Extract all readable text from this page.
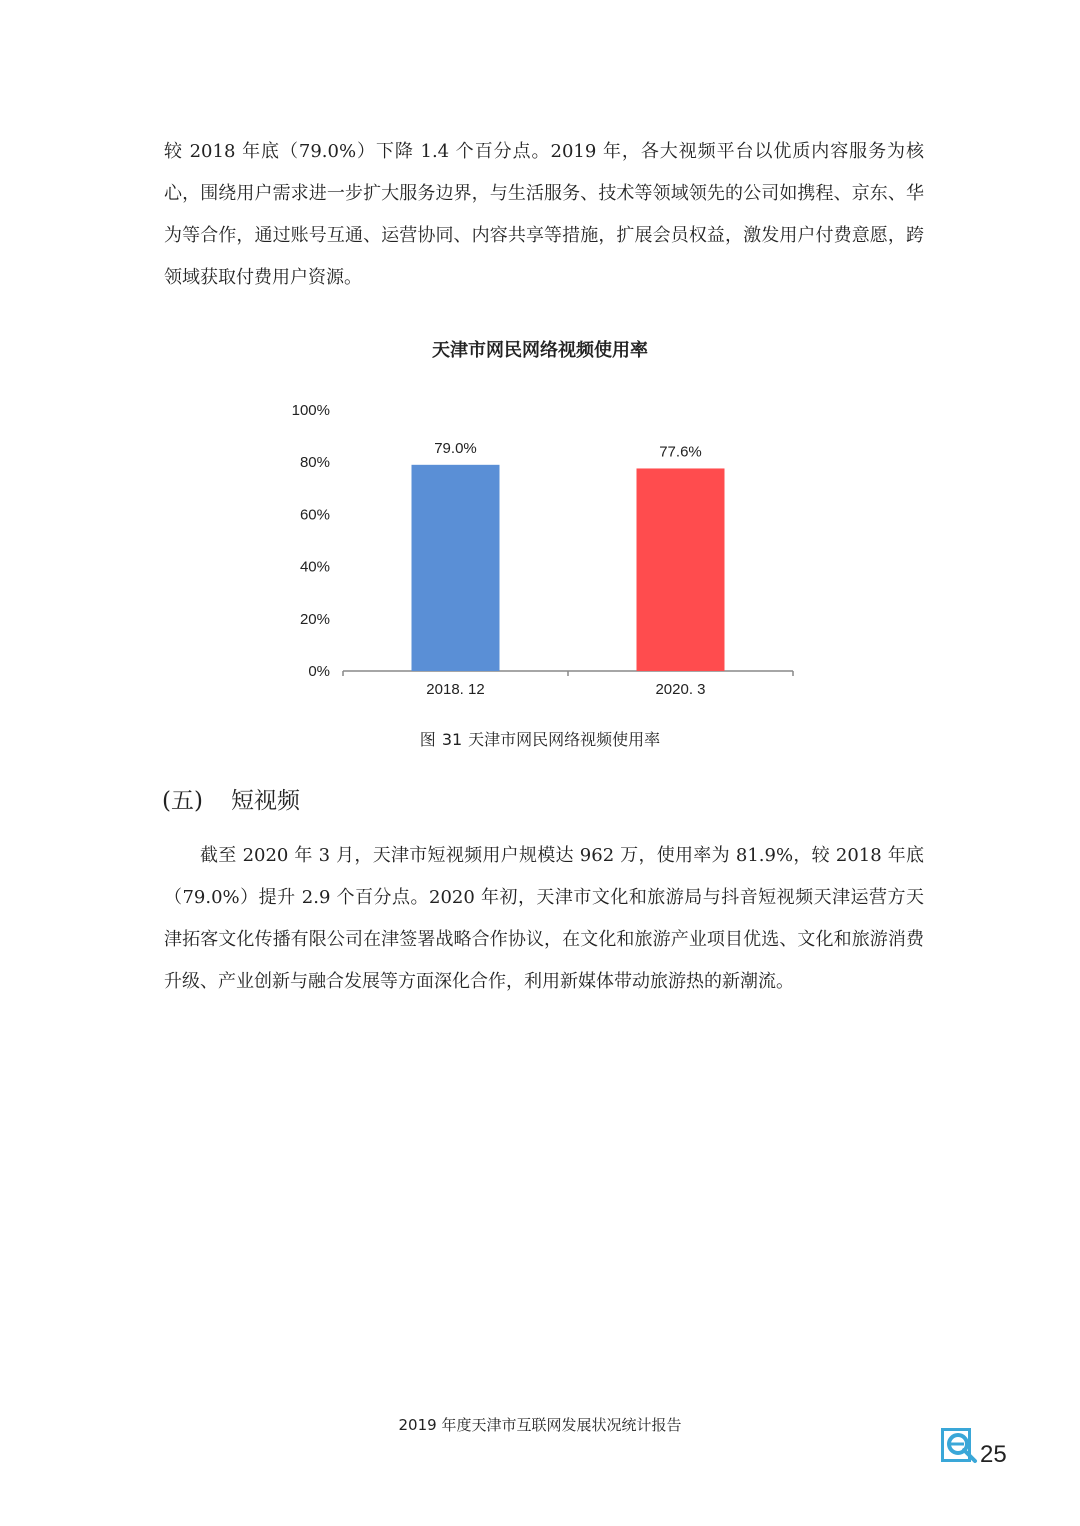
较 2018 年底（79.0%）下降 1.4 个百分点。2019 年，各大视频平台以优质内容服务为核心，围绕用户需求进一步扩大服务边界，与生活服务、技术等领域领先的公司如携程、京东、华为等合作，通过账号互通、运营协同、内容共享等措施，扩展会员权益，激发用户付费意愿，跨领域获取付费用户资源。

天津市网民网络视频使用率
0%
20%
40%
60%
80%
100%
79.0%
2018. 12
77.6%
2020. 3

图 31 天津市网民网络视频使用率

(五) 短视频

截至 2020 年 3 月，天津市短视频用户规模达 962 万，使用率为 81.9%，较 2018 年底（79.0%）提升 2.9 个百分点。2020 年初，天津市文化和旅游局与抖音短视频天津运营方天津拓客文化传播有限公司在津签署战略合作协议，在文化和旅游产业项目优选、文化和旅游消费升级、产业创新与融合发展等方面深化合作，利用新媒体带动旅游热的新潮流。

2019 年度天津市互联网发展状况统计报告

25
